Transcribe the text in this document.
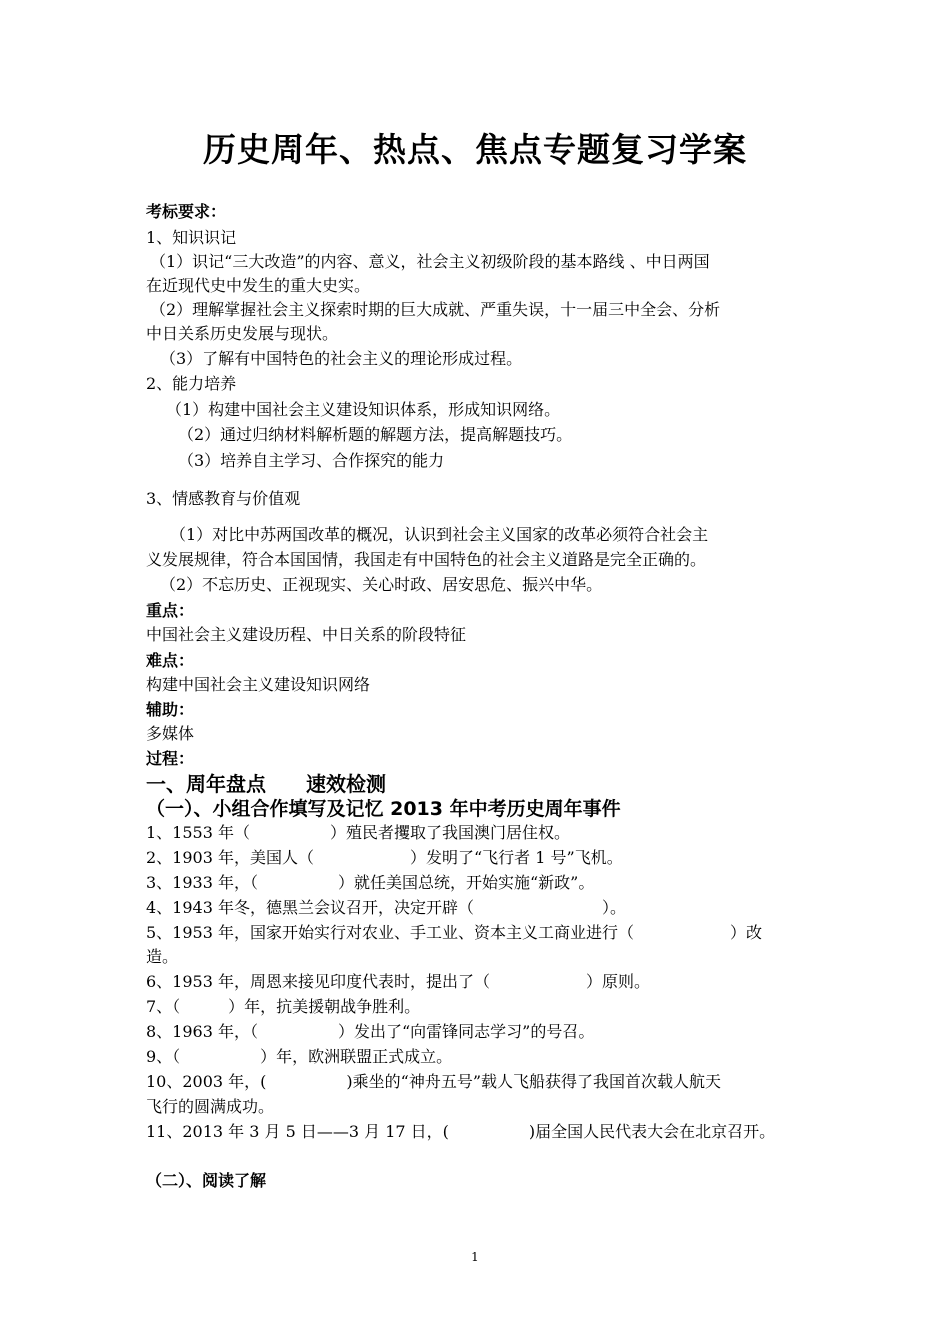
历史周年、热点、焦点专题复习学案
考标要求：
1、知识识记
（1）识记“三大改造”的内容、意义，社会主义初级阶段的基本路线 、中日两国
在近现代史中发生的重大史实。
（2）理解掌握社会主义探索时期的巨大成就、严重失误，十一届三中全会、分析
中日关系历史发展与现状。
（3）了解有中国特色的社会主义的理论形成过程。
2、能力培养
（1）构建中国社会主义建设知识体系，形成知识网络。
（2）通过归纳材料解析题的解题方法，提高解题技巧。
（3）培养自主学习、合作探究的能力
3、情感教育与价值观
（1）对比中苏两国改革的概况，认识到社会主义国家的改革必须符合社会主
义发展规律，符合本国国情，我国走有中国特色的社会主义道路是完全正确的。
（2）不忘历史、正视现实、关心时政、居安思危、振兴中华。
重点：
中国社会主义建设历程、中日关系的阶段特征
难点：
构建中国社会主义建设知识网络
辅助：
多媒体
过程：
一、周年盘点　　速效检测
（一）、小组合作填写及记忆 2013 年中考历史周年事件
1、1553 年（　　　　　）殖民者攫取了我国澳门居住权。
2、1903 年，美国人（　　　　　　）发明了“飞行者 1 号”飞机。
3、1933 年，（　　　　　）就任美国总统，开始实施“新政”。
4、1943 年冬，德黑兰会议召开，决定开辟（　　　　　　　　）。
5、1953 年，国家开始实行对农业、手工业、资本主义工商业进行（　　　　　　）改
造。
6、1953 年，周恩来接见印度代表时，提出了（　　　　　　）原则。
7、（　　　）年，抗美援朝战争胜利。
8、1963 年，（　　　　　）发出了“向雷锋同志学习”的号召。
9、（　　　　　）年，欧洲联盟正式成立。
10、2003 年，(　　　　　)乘坐的“神舟五号”载人飞船获得了我国首次载人航天
飞行的圆满成功。
11、2013 年 3 月 5 日——3 月 17 日，(　　　　　)届全国人民代表大会在北京召开。
（二）、阅读了解
1
